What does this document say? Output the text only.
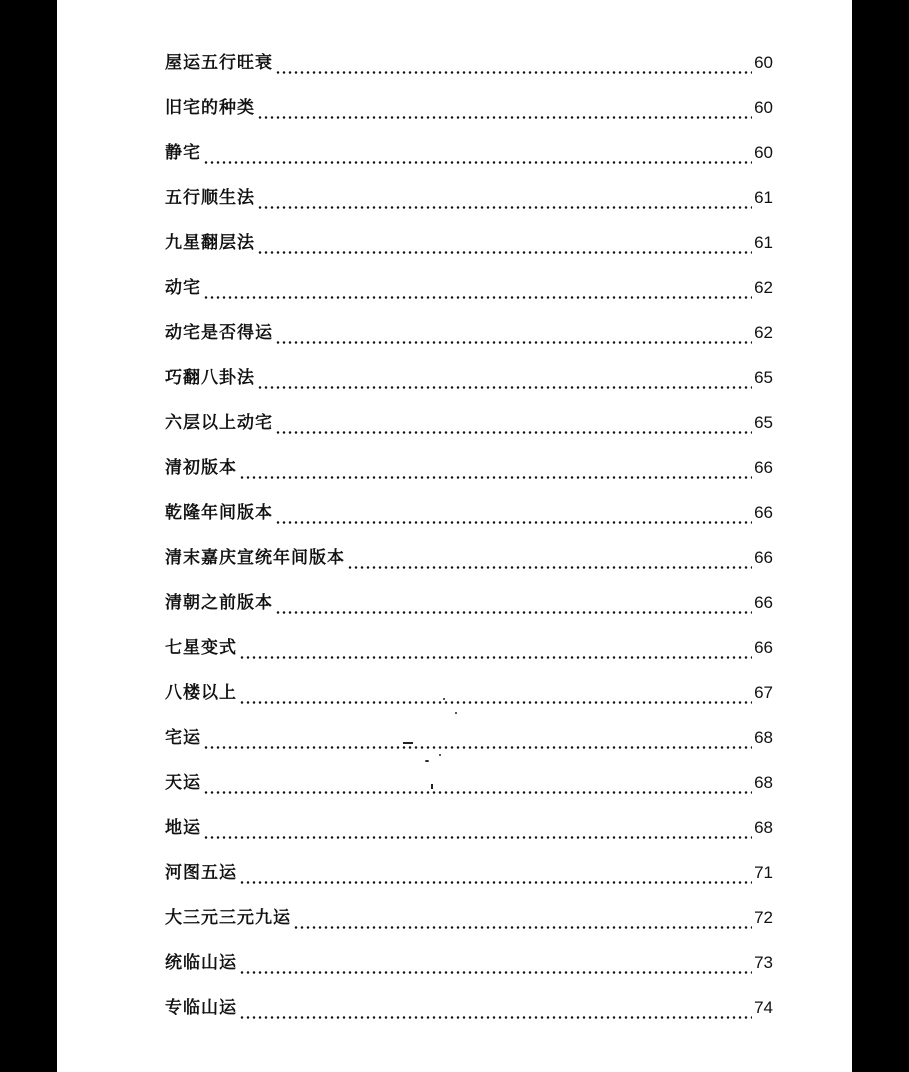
屋运五行旺衰	60
旧宅的种类	60
静宅	60
五行顺生法	61
九星翻层法	61
动宅	62
动宅是否得运	62
巧翻八卦法	65
六层以上动宅	65
清初版本	66
乾隆年间版本	66
清末嘉庆宣统年间版本	66
清朝之前版本	66
七星变式	66
八楼以上	67
宅运	68
天运	68
地运	68
河图五运	71
大三元三元九运	72
统临山运	73
专临山运	74
